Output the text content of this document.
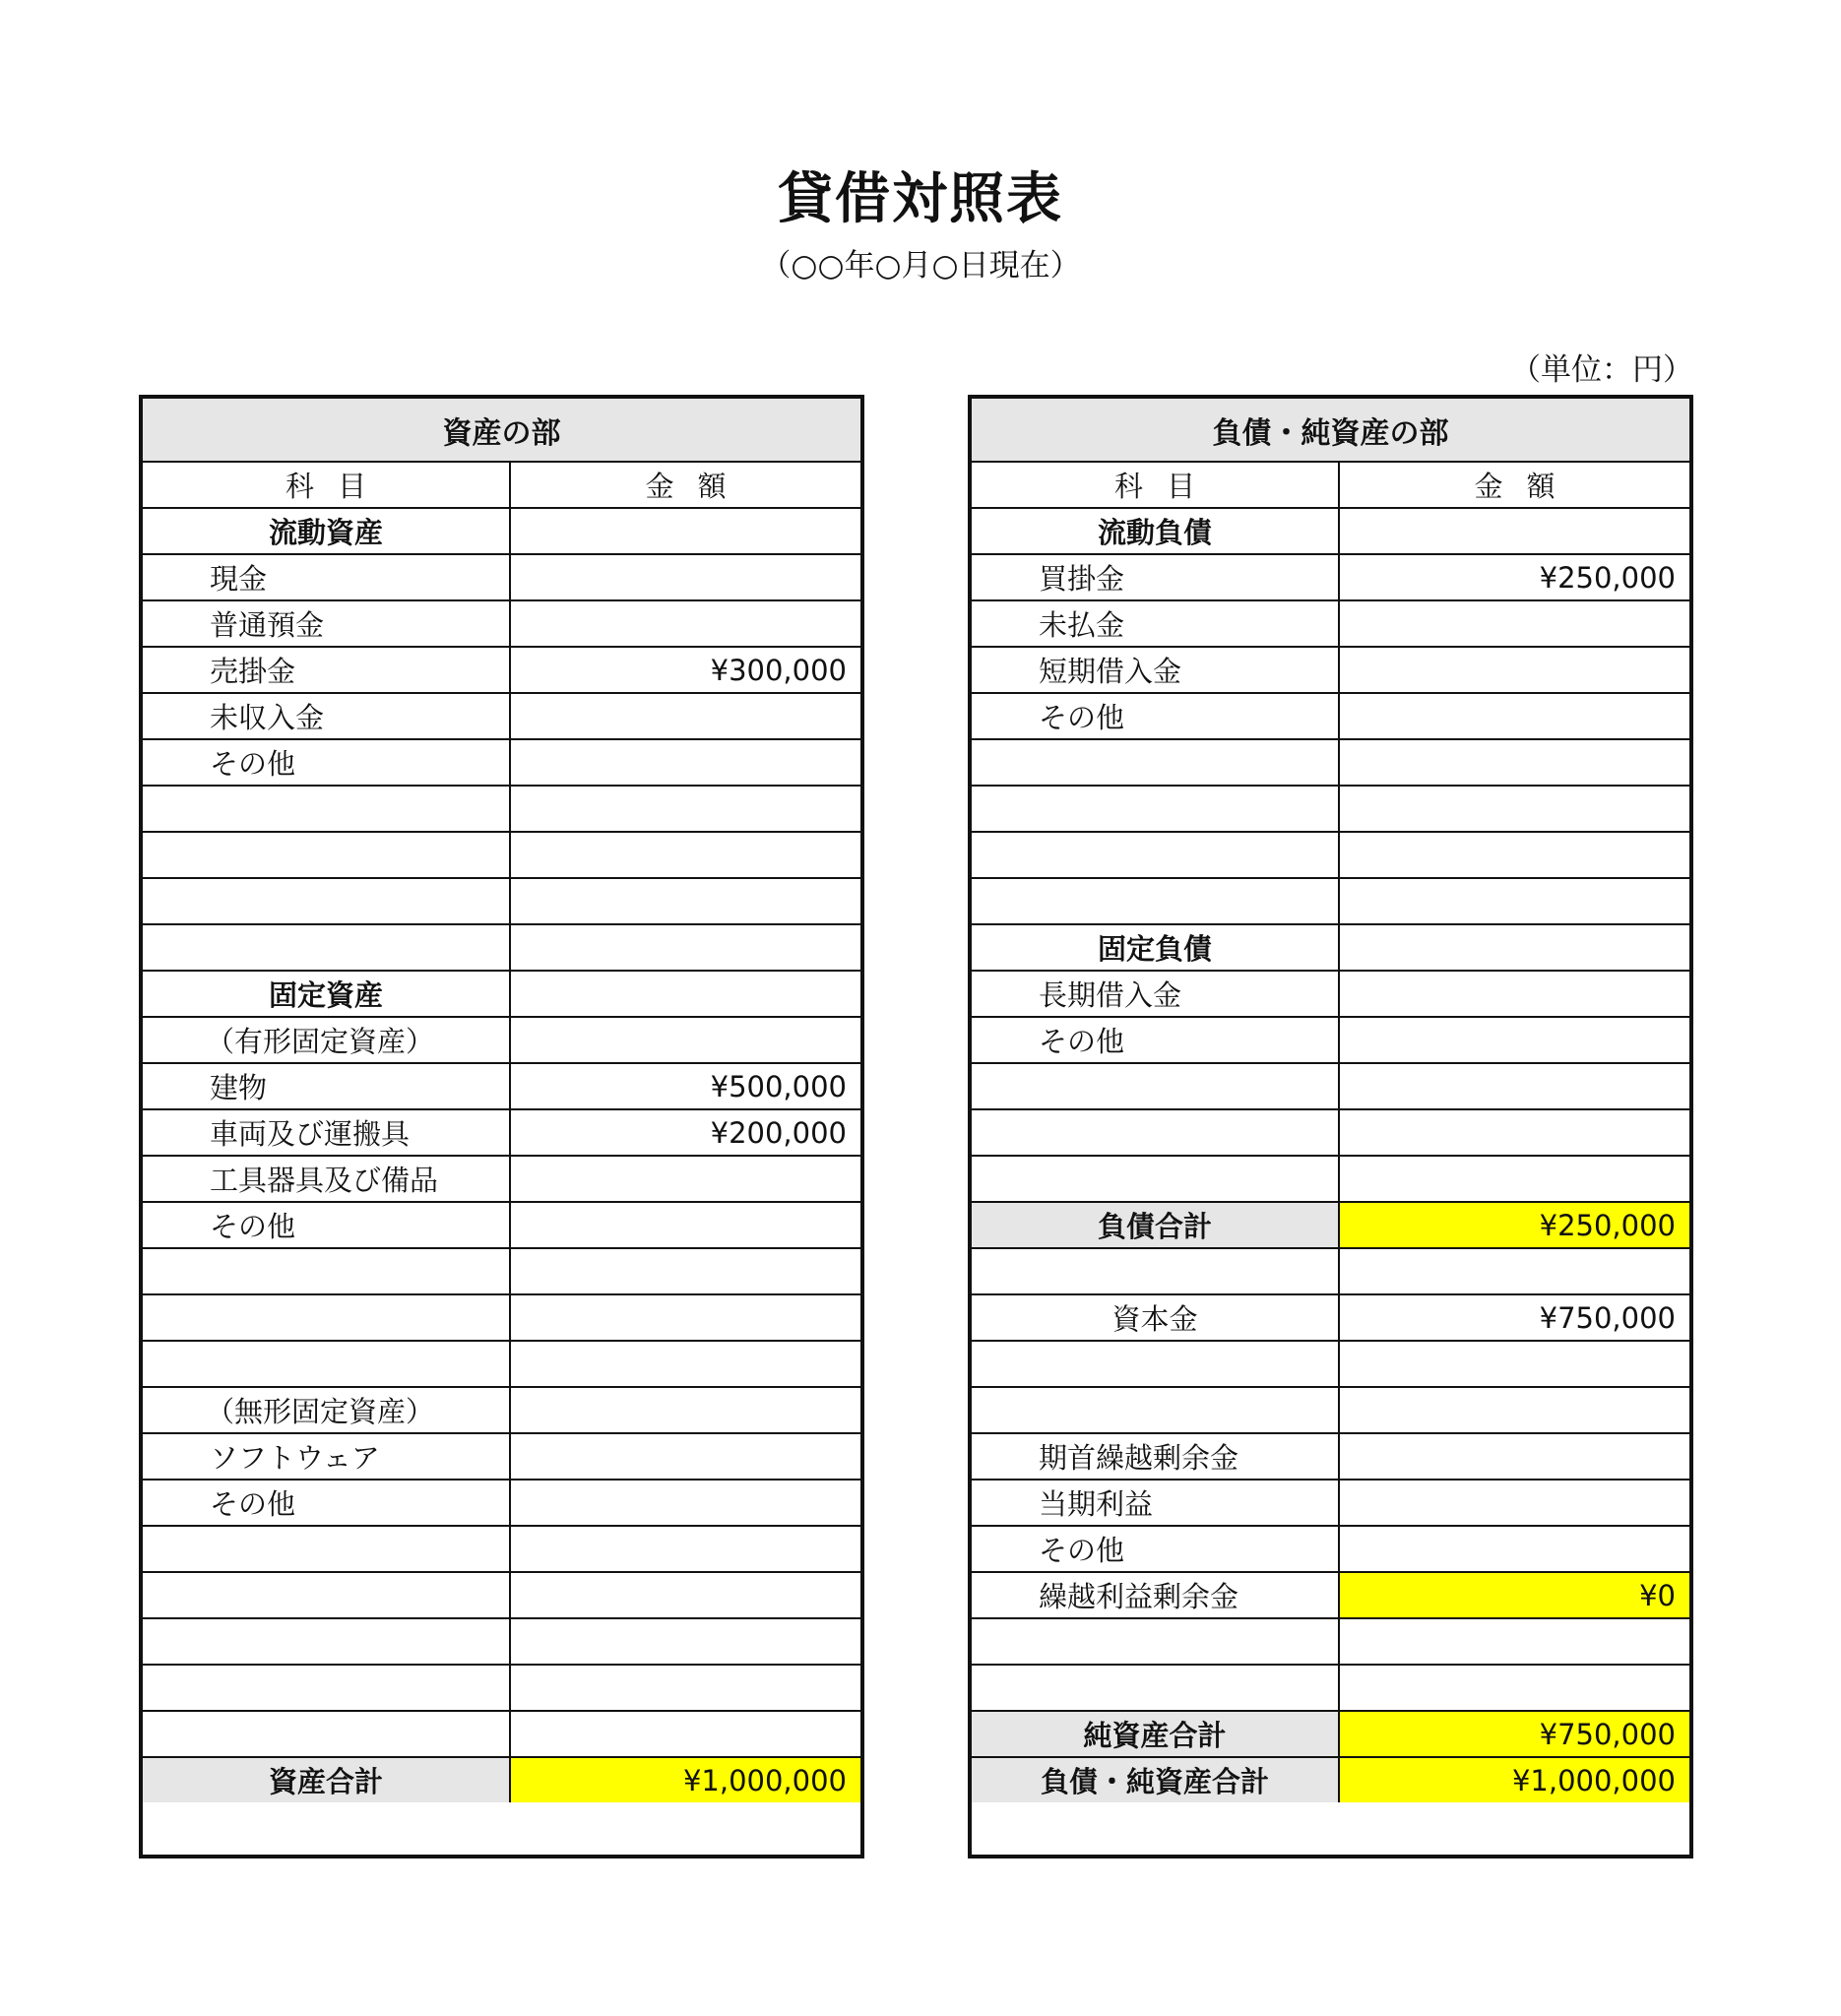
貸借対照表
（○○年○月○日現在）
（単位：円）
資産の部	
科目	金額
流動資産	
現金	
普通預金	
売掛金	¥300,000
未収入金	
その他	

固定資産	
（有形固定資産）	
建物	¥500,000
車両及び運搬具	¥200,000
工具器具及び備品	
その他	

（無形固定資産）	
ソフトウェア	
その他	

資産合計	¥1,000,000
負債・純資産の部	
科目	金額
流動負債	
買掛金	¥250,000
未払金	
短期借入金	
その他	

固定負債	
長期借入金	
その他	

負債合計	¥250,000

資本金	¥750,000

期首繰越剰余金	
当期利益	
その他	
繰越利益剰余金	¥0

純資産合計	¥750,000
負債・純資産合計	¥1,000,000
